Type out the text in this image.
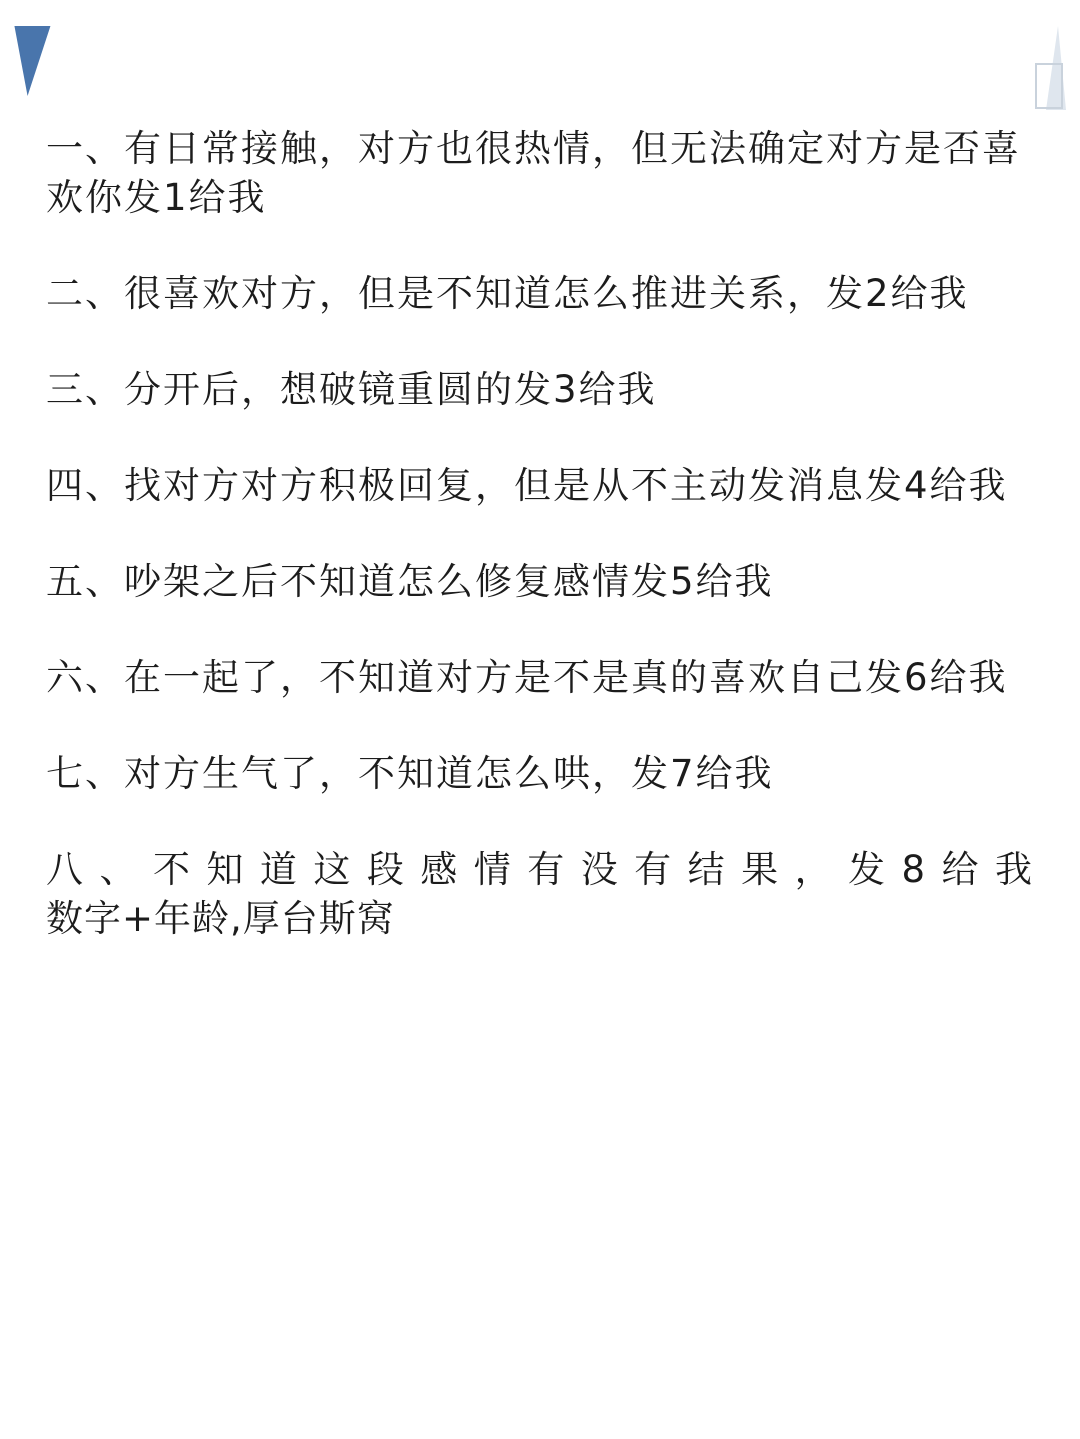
一、有日常接触，对方也很热情，但无法确定对方是否喜欢你发1给我

二、很喜欢对方，但是不知道怎么推进关系，发2给我

三、分开后，想破镜重圆的发3给我

四、找对方对方积极回复，但是从不主动发消息发4给我

五、吵架之后不知道怎么修复感情发5给我

六、在一起了，不知道对方是不是真的喜欢自己发6给我

七、对方生气了，不知道怎么哄，发7给我

八、不知道这段感情有没有结果，发8给我

数字+年龄,厚台斯窝
